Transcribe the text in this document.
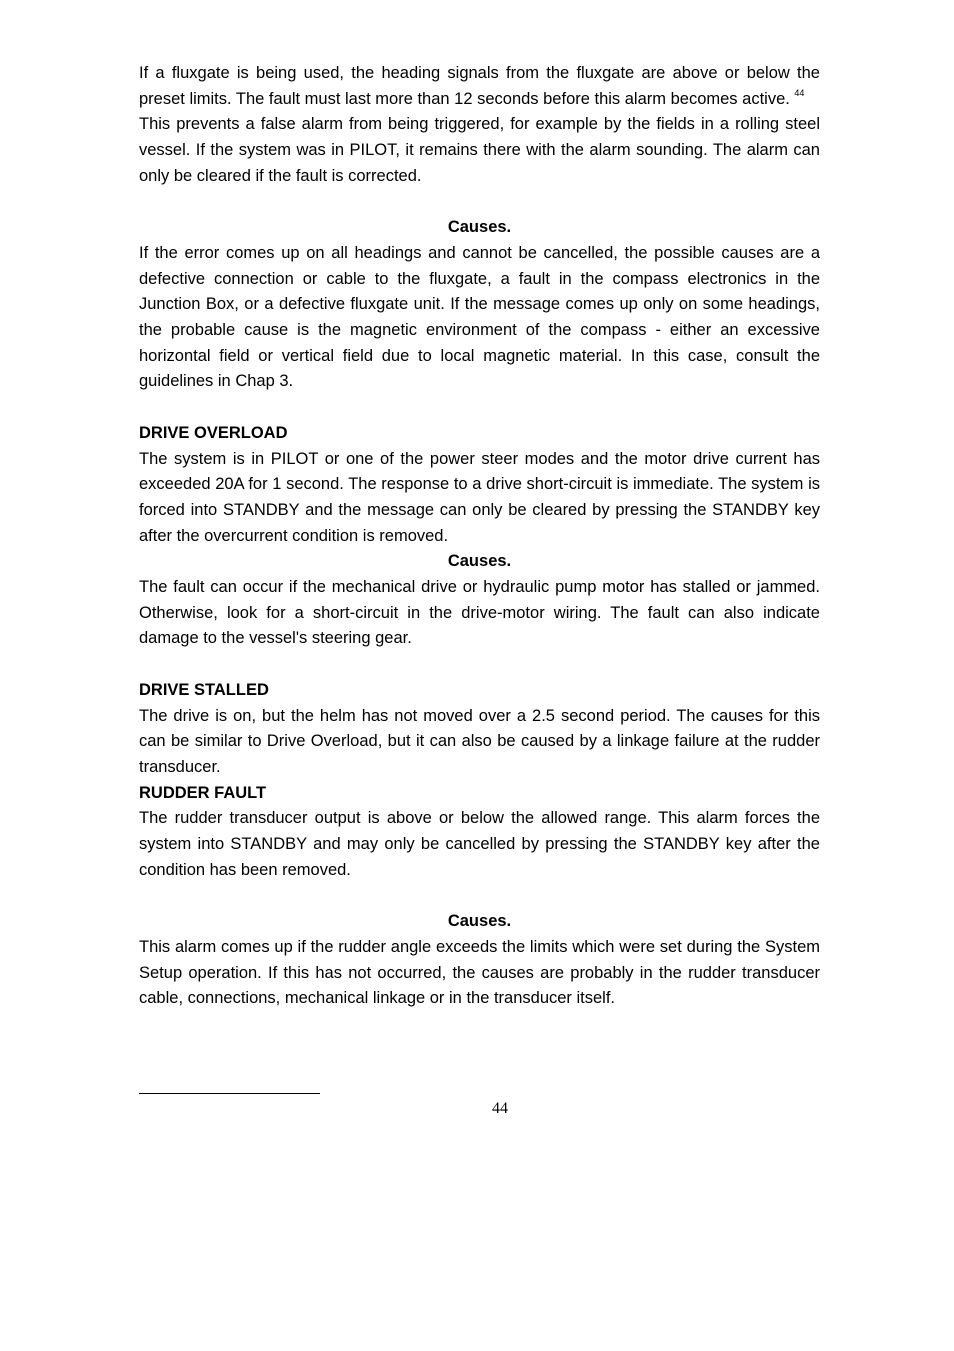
If a fluxgate is being used, the heading signals from the fluxgate are above or below the preset limits. The fault must last more than 12 seconds before this alarm becomes active. $^{44}$

This prevents a false alarm from being triggered, for example by the fields in a rolling steel vessel. If the system was in PILOT, it remains there with the alarm sounding. The alarm can only be cleared if the fault is corrected.

Causes.

If the error comes up on all headings and cannot be cancelled, the possible causes are a defective connection or cable to the fluxgate, a fault in the compass electronics in the Junction Box, or a defective fluxgate unit. If the message comes up only on some headings, the probable cause is the magnetic environment of the compass - either an excessive horizontal field or vertical field due to local magnetic material. In this case, consult the guidelines in Chap 3.

DRIVE OVERLOAD

The system is in PILOT or one of the power steer modes and the motor drive current has exceeded 20A for 1 second. The response to a drive short-circuit is immediate. The system is forced into STANDBY and the message can only be cleared by pressing the STANDBY key after the overcurrent condition is removed.

Causes.

The fault can occur if the mechanical drive or hydraulic pump motor has stalled or jammed. Otherwise, look for a short-circuit in the drive-motor wiring. The fault can also indicate damage to the vessel's steering gear.

DRIVE STALLED

The drive is on, but the helm has not moved over a 2.5 second period. The causes for this can be similar to Drive Overload, but it can also be caused by a linkage failure at the rudder transducer.

RUDDER FAULT

The rudder transducer output is above or below the allowed range. This alarm forces the system into STANDBY and may only be cancelled by pressing the STANDBY key after the condition has been removed.

Causes.

This alarm comes up if the rudder angle exceeds the limits which were set during the System Setup operation. If this has not occurred, the causes are probably in the rudder transducer cable, connections, mechanical linkage or in the transducer itself.

44
